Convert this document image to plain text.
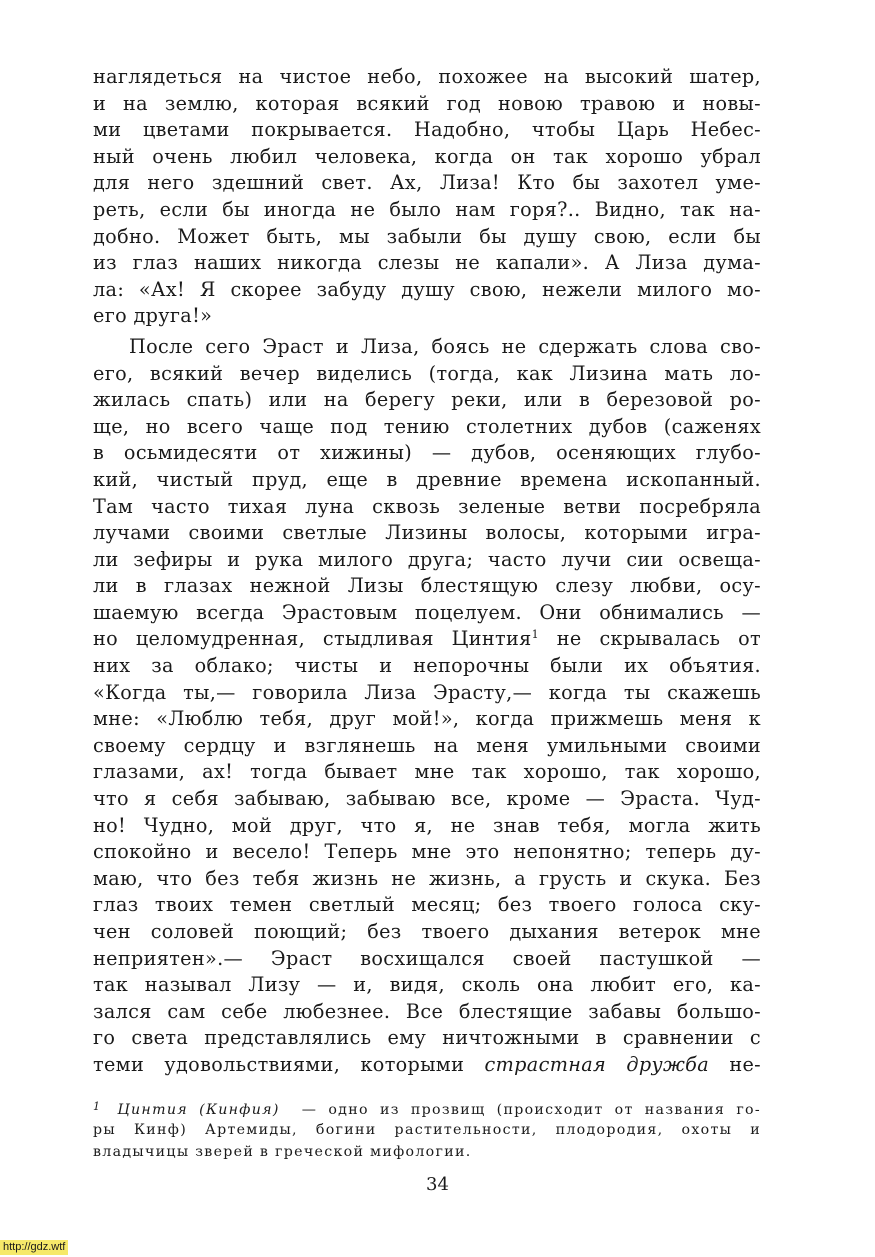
наглядеться на чистое небо, похожее на высокий шатер,
и на землю, которая всякий год новою травою и новы-
ми цветами покрывается. Надобно, чтобы Царь Небес-
ный очень любил человека, когда он так хорошо убрал
для него здешний свет. Ах, Лиза! Кто бы захотел уме-
реть, если бы иногда не было нам горя?.. Видно, так на-
добно. Может быть, мы забыли бы душу свою, если бы
из глаз наших никогда слезы не капали». А Лиза дума-
ла: «Ах! Я скорее забуду душу свою, нежели милого мо-
его друга!»
После сего Эраст и Лиза, боясь не сдержать слова сво-
его, всякий вечер виделись (тогда, как Лизина мать ло-
жилась спать) или на берегу реки, или в березовой ро-
ще, но всего чаще под тению столетних дубов (саженях
в осьмидесяти от хижины) — дубов, осеняющих глубо-
кий, чистый пруд, еще в древние времена ископанный.
Там часто тихая луна сквозь зеленые ветви посребряла
лучами своими светлые Лизины волосы, которыми игра-
ли зефиры и рука милого друга; часто лучи сии освеща-
ли в глазах нежной Лизы блестящую слезу любви, осу-
шаемую всегда Эрастовым поцелуем. Они обнимались —
но целомудренная, стыдливая Цинтия$^1$ не скрывалась от
них за облако; чисты и непорочны были их объятия.
«Когда ты,— говорила Лиза Эрасту,— когда ты скажешь
мне: «Люблю тебя, друг мой!», когда прижмешь меня к
своему сердцу и взглянешь на меня умильными своими
глазами, ах! тогда бывает мне так хорошо, так хорошо,
что я себя забываю, забываю все, кроме — Эраста. Чуд-
но! Чудно, мой друг, что я, не знав тебя, могла жить
спокойно и весело! Теперь мне это непонятно; теперь ду-
маю, что без тебя жизнь не жизнь, а грусть и скука. Без
глаз твоих темен светлый месяц; без твоего голоса ску-
чен соловей поющий; без твоего дыхания ветерок мне
неприятен».— Эраст восхищался своей пастушкой —
так называл Лизу — и, видя, сколь она любит его, ка-
зался сам себе любезнее. Все блестящие забавы большо-
го света представлялись ему ничтожными в сравнении с
теми удовольствиями, которыми страстная дружба не-
$^1$ Цинтия (Кинфия) — одно из прозвищ (происходит от названия го-
ры Кинф) Артемиды, богини растительности, плодородия, охоты и
владычицы зверей в греческой мифологии.
34
http://gdz.wtf
